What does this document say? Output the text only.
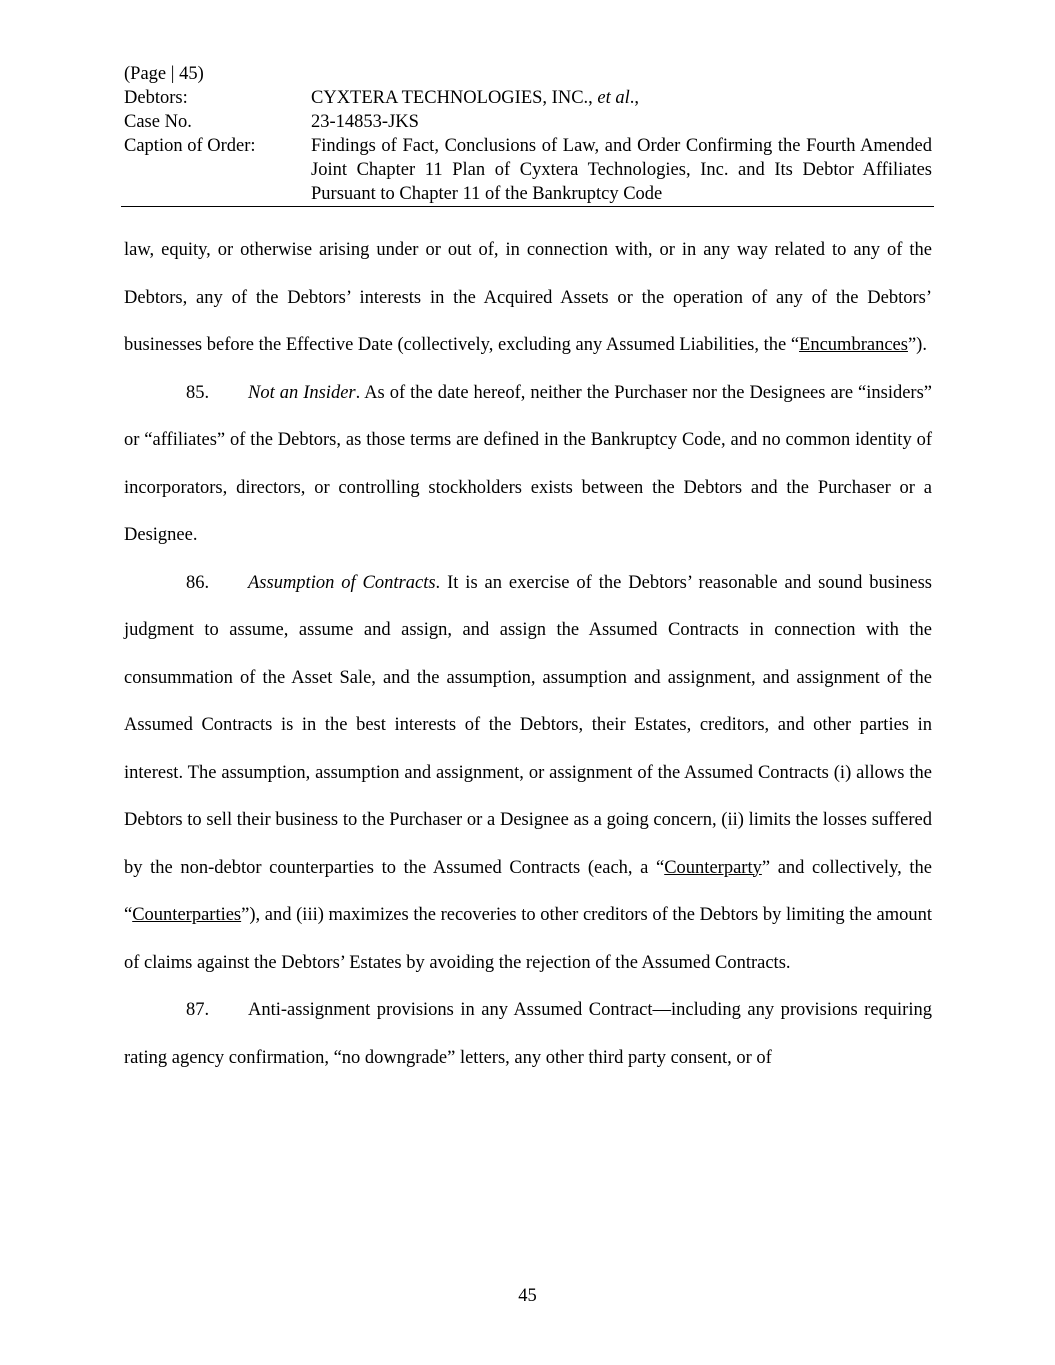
(Page | 45)
Debtors:	CYXTERA TECHNOLOGIES, INC., et al.,
Case No.	23-14853-JKS
Caption of Order:	Findings of Fact, Conclusions of Law, and Order Confirming the Fourth Amended Joint Chapter 11 Plan of Cyxtera Technologies, Inc. and Its Debtor Affiliates Pursuant to Chapter 11 of the Bankruptcy Code

law, equity, or otherwise arising under or out of, in connection with, or in any way related to any of the Debtors, any of the Debtors’ interests in the Acquired Assets or the operation of any of the Debtors’ businesses before the Effective Date (collectively, excluding any Assumed Liabilities, the “Encumbrances”).

85. Not an Insider. As of the date hereof, neither the Purchaser nor the Designees are “insiders” or “affiliates” of the Debtors, as those terms are defined in the Bankruptcy Code, and no common identity of incorporators, directors, or controlling stockholders exists between the Debtors and the Purchaser or a Designee.

86. Assumption of Contracts. It is an exercise of the Debtors’ reasonable and sound business judgment to assume, assume and assign, and assign the Assumed Contracts in connection with the consummation of the Asset Sale, and the assumption, assumption and assignment, and assignment of the Assumed Contracts is in the best interests of the Debtors, their Estates, creditors, and other parties in interest. The assumption, assumption and assignment, or assignment of the Assumed Contracts (i) allows the Debtors to sell their business to the Purchaser or a Designee as a going concern, (ii) limits the losses suffered by the non-debtor counterparties to the Assumed Contracts (each, a “Counterparty” and collectively, the “Counterparties”), and (iii) maximizes the recoveries to other creditors of the Debtors by limiting the amount of claims against the Debtors’ Estates by avoiding the rejection of the Assumed Contracts.

87. Anti-assignment provisions in any Assumed Contract—including any provisions requiring rating agency confirmation, “no downgrade” letters, any other third party consent, or of

45
